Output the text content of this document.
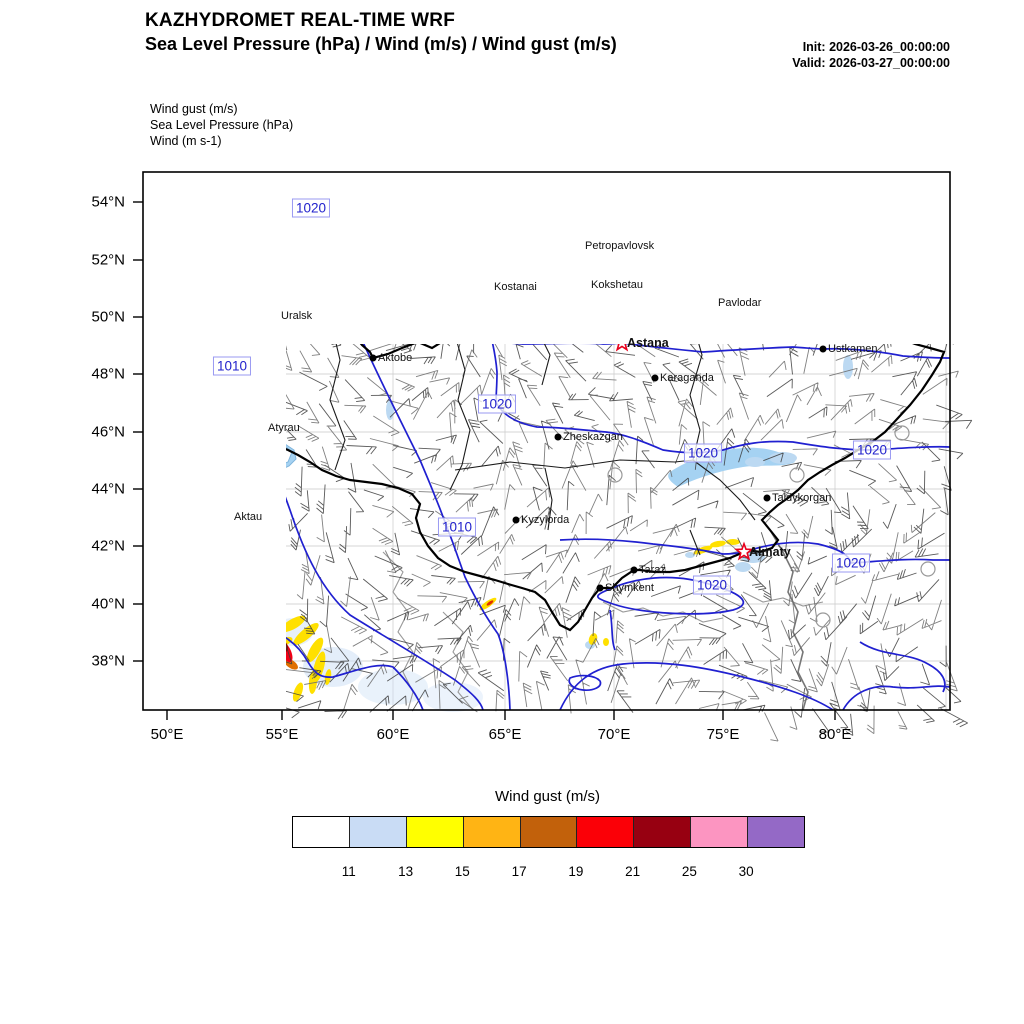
KAZHYDROMET REAL-TIME WRF
Sea Level Pressure (hPa) / Wind (m/s) / Wind gust (m/s)	Init: 2026-03-26_00:00:00
Valid: 2026-03-27_00:00:00
Wind gust (m/s)
Sea Level Pressure (hPa)
Wind (m s-1)
54°N
52°N
50°N
48°N
46°N
44°N
42°N
40°N
38°N
50°E	55°E	60°E	65°E	70°E	75°E	80°E
Petropavlovsk
Kostanai	Kokshetau
Pavlodar
Astana
Uralsk
Aktobe
Ustkamen
Karaganda
Atyrau
Zheskazgan
Aktau	Kyzylorda
Taldykorgan
Almaty
Taraz
Shymkent
1020
1010
1020
1020	1020
1010
1020
1020
Wind gust (m/s)
11	13	15	17	19	21	25	30
